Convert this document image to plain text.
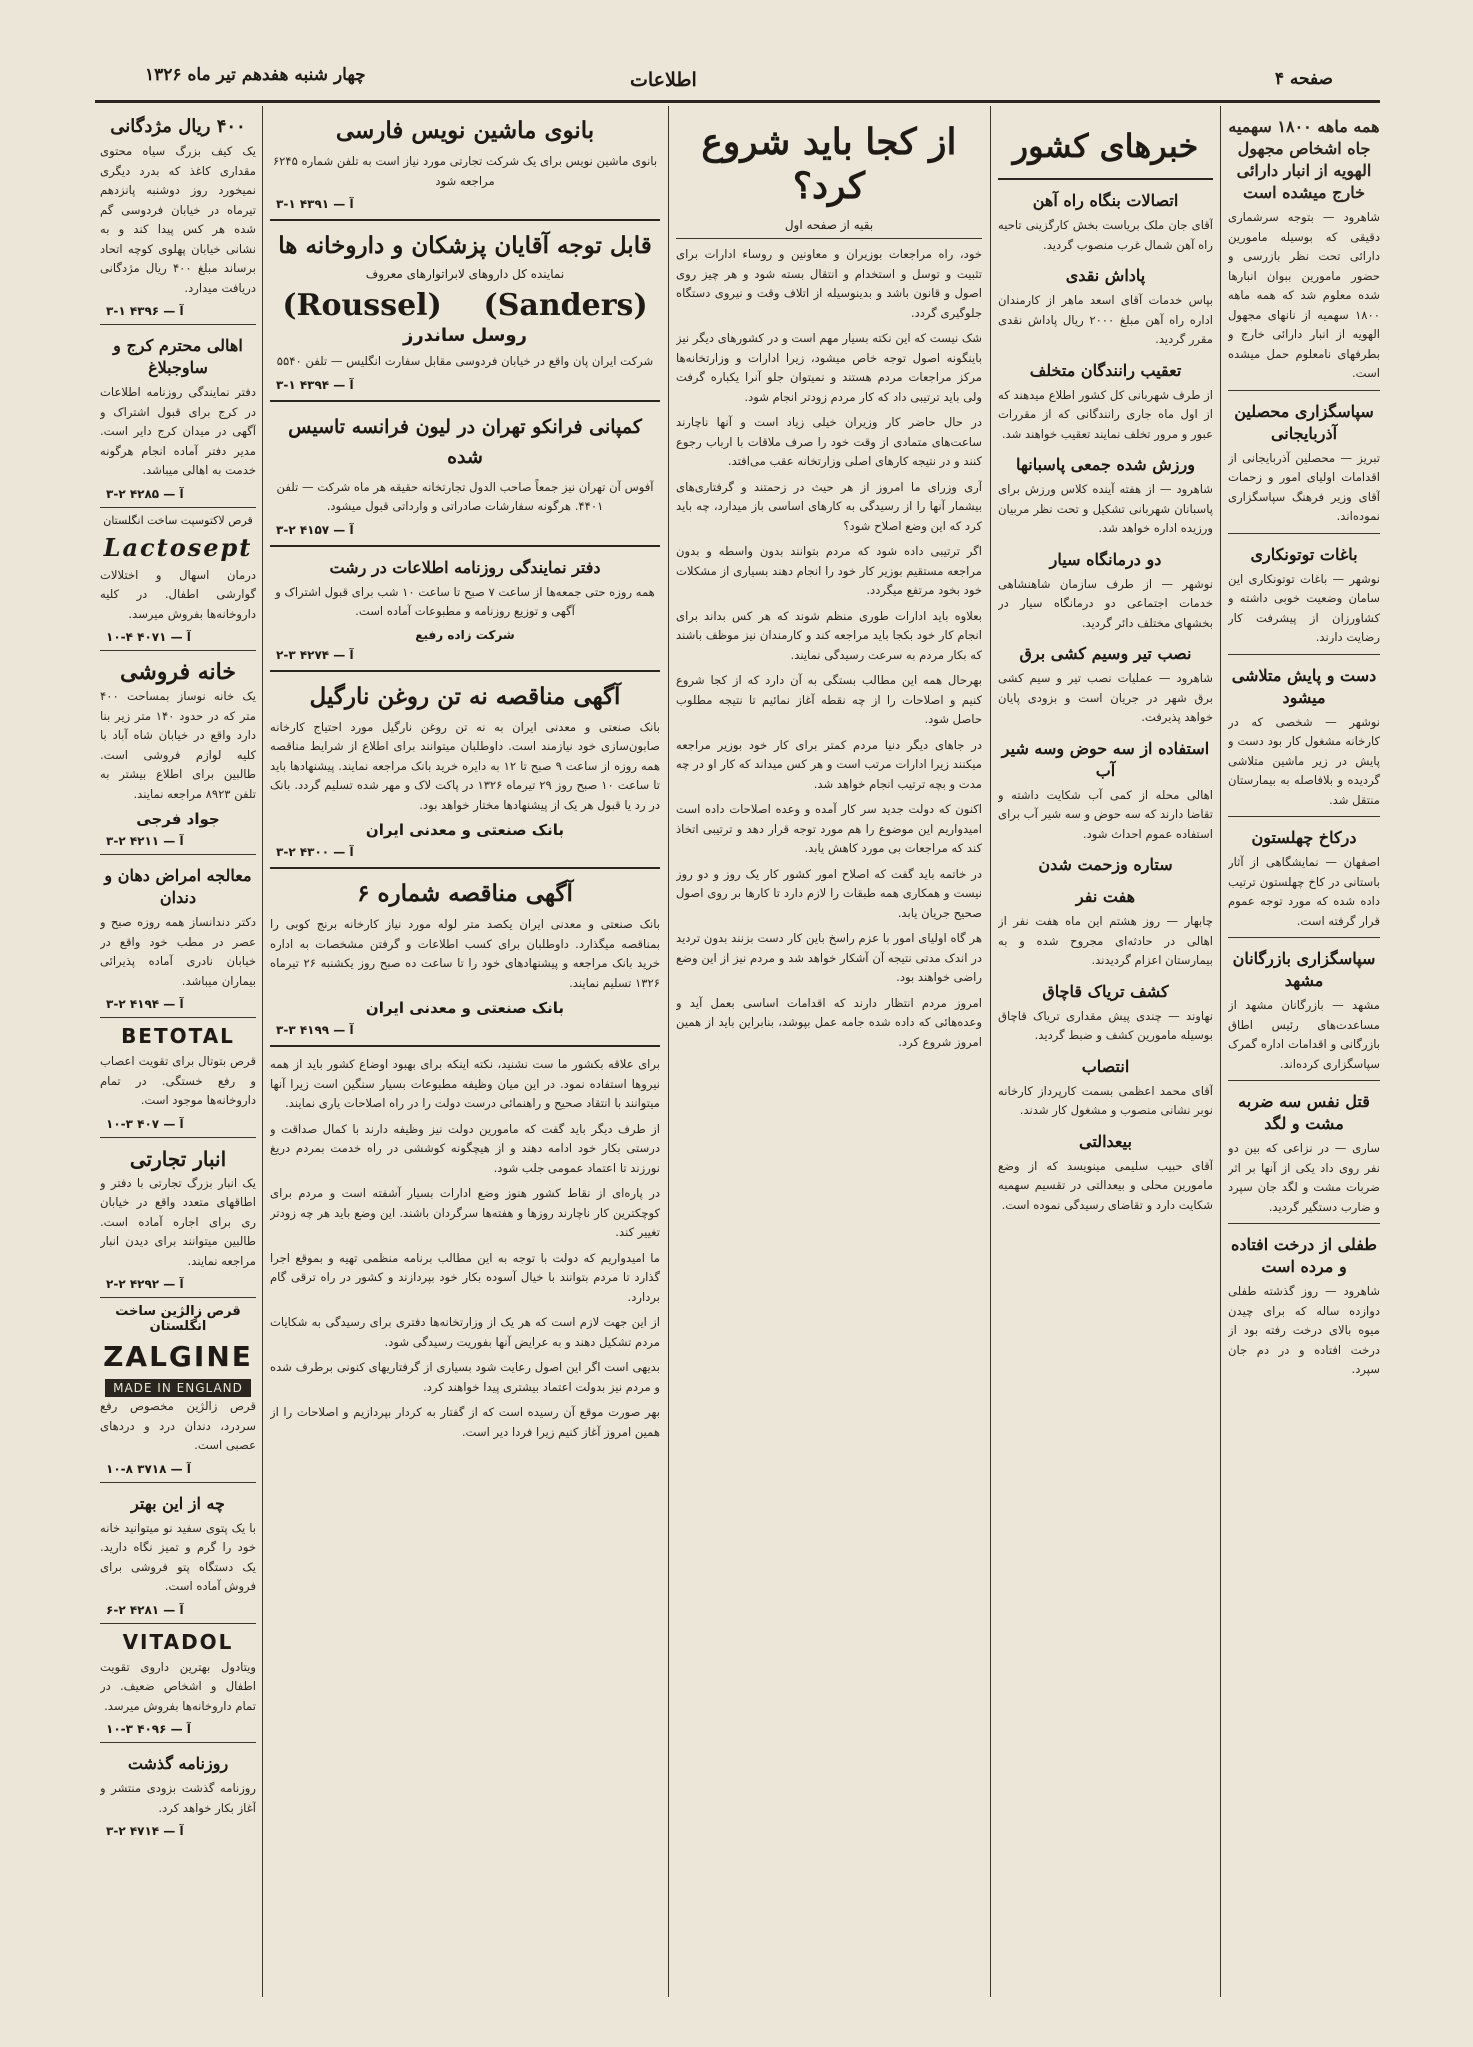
صفحه ۴
اطلاعات
چهار شنبه هفدهم تیر ماه ۱۳۲۶
همه ماهه ۱۸۰۰ سهمیه جاه اشخاص مجهول الهویه از انبار دارائی خارج میشده است

شاهرود — بتوجه سرشماری دقیقی که بوسیله مامورین دارائی تحت نظر بازرسی و حضور مامورین ببوان انبارها شده معلوم شد که همه ماهه ۱۸۰۰ سهمیه از نانهای مجهول الهویه از انبار دارائی خارج و بطرفهای نامعلوم حمل میشده است.

سپاسگزاری محصلین آذربایجانی

تبریز — محصلین آذربایجانی از اقدامات اولیای امور و زحمات آقای وزیر فرهنگ سپاسگزاری نموده‌اند.

باغات توتونکاری

نوشهر — باغات توتونکاری این سامان وضعیت خوبی داشته و کشاورزان از پیشرفت کار رضایت دارند.

دست و پایش متلاشی میشود

نوشهر — شخصی که در کارخانه مشغول کار بود دست و پایش در زیر ماشین متلاشی گردیده و بلافاصله به بیمارستان منتقل شد.

درکاخ چهلستون

اصفهان — نمایشگاهی از آثار باستانی در کاخ چهلستون ترتیب داده شده که مورد توجه عموم قرار گرفته است.

سپاسگزاری بازرگانان مشهد

مشهد — بازرگانان مشهد از مساعدت‌های رئیس اطاق بازرگانی و اقدامات اداره گمرک سپاسگزاری کرده‌اند.

قتل نفس سه ضربه مشت و لگد

ساری — در نزاعی که بین دو نفر روی داد یکی از آنها بر اثر ضربات مشت و لگد جان سپرد و ضارب دستگیر گردید.

طفلی از درخت افتاده و مرده است

شاهرود — روز گذشته طفلی دوازده ساله که برای چیدن میوه بالای درخت رفته بود از درخت افتاده و در دم جان سپرد.

خبرهای کشور
اتصالات بنگاه راه آهن

آقای جان ملک بریاست بخش کارگزینی تاحیه راه آهن شمال غرب منصوب گردید.

پاداش نقدی

بپاس خدمات آقای اسعد ماهر از کارمندان اداره راه آهن مبلغ ۲۰۰۰ ریال پاداش نقدی مقرر گردید.

تعقیب رانندگان متخلف

از طرف شهربانی کل کشور اطلاع میدهند که از اول ماه جاری رانندگانی که از مقررات عبور و مرور تخلف نمایند تعقیب خواهند شد.

ورزش شده جمعی پاسبانها

شاهرود — از هفته آینده کلاس ورزش برای پاسبانان شهربانی تشکیل و تحت نظر مربیان ورزیده اداره خواهد شد.

دو درمانگاه سیار

نوشهر — از طرف سازمان شاهنشاهی خدمات اجتماعی دو درمانگاه سیار در بخشهای مختلف دائر گردید.

نصب تیر وسیم کشی برق

شاهرود — عملیات نصب تیر و سیم کشی برق شهر در جریان است و بزودی پایان خواهد پذیرفت.

استفاده از سه حوض وسه شیر آب

اهالی محله از کمی آب شکایت داشته و تقاضا دارند که سه حوض و سه شیر آب برای استفاده عموم احداث شود.

ستاره وزحمت شدن
هفت نفر

چابهار — روز هشتم این ماه هفت نفر از اهالی در حادثه‌ای مجروح شده و به بیمارستان اعزام گردیدند.

کشف تریاک قاچاق

نهاوند — چندی پیش مقداری تریاک قاچاق بوسیله مامورین کشف و ضبط گردید.

انتصاب

آقای محمد اعظمی بسمت کارپرداز کارخانه نوبر نشانی منصوب و مشغول کار شدند.

بیعدالتی

آقای حبیب سلیمی مینویسد که از وضع مامورین محلی و بیعدالتی در تقسیم سهمیه شکایت دارد و تقاضای رسیدگی نموده است.

از کجا باید شروع کرد؟
بقیه از صفحه اول

خود، راه مراجعات بوزیران و معاونین و روساء ادارات برای تثبیت و توسل و استخدام و انتقال بسته شود و هر چیز روی اصول و قانون باشد و بدینوسیله از اتلاف وقت و نیروی دستگاه جلوگیری گردد.

شک نیست که این نکته بسیار مهم است و در کشورهای دیگر نیز باینگونه اصول توجه خاص میشود، زیرا ادارات و وزارتخانه‌ها مرکز مراجعات مردم هستند و نمیتوان جلو آنرا یکباره گرفت ولی باید ترتیبی داد که کار مردم زودتر انجام شود.

در حال حاضر کار وزیران خیلی زیاد است و آنها ناچارند ساعت‌های متمادی از وقت خود را صرف ملاقات با ارباب رجوع کنند و در نتیجه کارهای اصلی وزارتخانه عقب می‌افتد.

آری وزرای ما امروز از هر حیث در زحمتند و گرفتاری‌های بیشمار آنها را از رسیدگی به کارهای اساسی باز میدارد، چه باید کرد که این وضع اصلاح شود؟

اگر ترتیبی داده شود که مردم بتوانند بدون واسطه و بدون مراجعه مستقیم بوزیر کار خود را انجام دهند بسیاری از مشکلات خود بخود مرتفع میگردد.

بعلاوه باید ادارات طوری منظم شوند که هر کس بداند برای انجام کار خود بکجا باید مراجعه کند و کارمندان نیز موظف باشند که بکار مردم به سرعت رسیدگی نمایند.

بهرحال همه این مطالب بستگی به آن دارد که از کجا شروع کنیم و اصلاحات را از چه نقطه آغاز نمائیم تا نتیجه مطلوب حاصل شود.

در جاهای دیگر دنیا مردم کمتر برای کار خود بوزیر مراجعه میکنند زیرا ادارات مرتب است و هر کس میداند که کار او در چه مدت و بچه ترتیب انجام خواهد شد.

اکنون که دولت جدید سر کار آمده و وعده اصلاحات داده است امیدواریم این موضوع را هم مورد توجه قرار دهد و ترتیبی اتخاذ کند که مراجعات بی مورد کاهش یابد.

در خاتمه باید گفت که اصلاح امور کشور کار یک روز و دو روز نیست و همکاری همه طبقات را لازم دارد تا کارها بر روی اصول صحیح جریان یابد.

هر گاه اولیای امور با عزم راسخ باین کار دست بزنند بدون تردید در اندک مدتی نتیجه آن آشکار خواهد شد و مردم نیز از این وضع راضی خواهند بود.

امروز مردم انتظار دارند که اقدامات اساسی بعمل آید و وعده‌هائی که داده شده جامه عمل بپوشد، بنابراین باید از همین امروز شروع کرد.

بانوی ماشین نویس فارسی

بانوی ماشین نویس برای یک شرکت تجارتی مورد نیاز است به تلفن شماره ۶۲۴۵ مراجعه شود

آ — ۴۳۹۱ ۱-۳
قابل توجه آقایان پزشکان و داروخانه ها
نماینده کل داروهای لابراتوارهای معروف
(Roussel) (Sanders)
روسل ساندرز

شرکت ایران پان واقع در خیابان فردوسی مقابل سفارت انگلیس — تلفن ۵۵۴۰

آ — ۴۳۹۴ ۱-۳
کمپانی فرانکو تهران در لیون فرانسه تاسیس شده

آفوس آن تهران نیز جمعاً صاحب الدول تجارتخانه حقیقه هر ماه شرکت — تلفن ۴۴۰۱. هرگونه سفارشات صادراتی و وارداتی قبول میشود.

آ — ۴۱۵۷ ۲-۳
دفتر نمایندگی روزنامه اطلاعات در رشت

همه روزه حتی جمعه‌ها از ساعت ۷ صبح تا ساعت ۱۰ شب برای قبول اشتراک و آگهی و توزیع روزنامه و مطبوعات آماده است.

شرکت زاده رفیع
آ — ۴۲۷۴ ۳-۲
آگهی مناقصه نه تن روغن نارگیل

بانک صنعتی و معدنی ایران به نه تن روغن نارگیل مورد احتیاج کارخانه صابون‌سازی خود نیازمند است. داوطلبان میتوانند برای اطلاع از شرایط مناقصه همه روزه از ساعت ۹ صبح تا ۱۲ به دایره خرید بانک مراجعه نمایند. پیشنهادها باید تا ساعت ۱۰ صبح روز ۲۹ تیرماه ۱۳۲۶ در پاکت لاک و مهر شده تسلیم گردد. بانک در رد یا قبول هر یک از پیشنهادها مختار خواهد بود.

بانک صنعتی و معدنی ایران
آ — ۴۳۰۰ ۲-۳
آگهی مناقصه شماره ۶

بانک صنعتی و معدنی ایران یکصد متر لوله مورد نیاز کارخانه برنج کوبی را بمناقصه میگذارد. داوطلبان برای کسب اطلاعات و گرفتن مشخصات به اداره خرید بانک مراجعه و پیشنهادهای خود را تا ساعت ده صبح روز یکشنبه ۲۶ تیرماه ۱۳۲۶ تسلیم نمایند.

بانک صنعتی و معدنی ایران
آ — ۴۱۹۹ ۳-۳

برای علاقه بکشور ما ست نشنید، نکته اینکه برای بهبود اوضاع کشور باید از همه نیروها استفاده نمود. در این میان وظیفه مطبوعات بسیار سنگین است زیرا آنها میتوانند با انتقاد صحیح و راهنمائی درست دولت را در راه اصلاحات یاری نمایند.

از طرف دیگر باید گفت که مامورین دولت نیز وظیفه دارند با کمال صداقت و درستی بکار خود ادامه دهند و از هیچگونه کوششی در راه خدمت بمردم دریغ نورزند تا اعتماد عمومی جلب شود.

در پاره‌ای از نقاط کشور هنوز وضع ادارات بسیار آشفته است و مردم برای کوچکترین کار ناچارند روزها و هفته‌ها سرگردان باشند. این وضع باید هر چه زودتر تغییر کند.

ما امیدواریم که دولت با توجه به این مطالب برنامه منظمی تهیه و بموقع اجرا گذارد تا مردم بتوانند با خیال آسوده بکار خود بپردازند و کشور در راه ترقی گام بردارد.

از این جهت لازم است که هر یک از وزارتخانه‌ها دفتری برای رسیدگی به شکایات مردم تشکیل دهند و به عرایض آنها بفوریت رسیدگی شود.

بدیهی است اگر این اصول رعایت شود بسیاری از گرفتاریهای کنونی برطرف شده و مردم نیز بدولت اعتماد بیشتری پیدا خواهند کرد.

بهر صورت موقع آن رسیده است که از گفتار به کردار بپردازیم و اصلاحات را از همین امروز آغاز کنیم زیرا فردا دیر است.

۴۰۰ ریال مژدگانی

یک کیف بزرگ سیاه محتوی مقداری کاغذ که بدرد دیگری نمیخورد روز دوشنبه پانزدهم تیرماه در خیابان فردوسی گم شده هر کس پیدا کند و به نشانی خیابان پهلوی کوچه اتحاد برساند مبلغ ۴۰۰ ریال مژدگانی دریافت میدارد.

آ — ۴۳۹۶ ۱-۳
اهالی محترم کرج و ساوجبلاغ

دفتر نمایندگی روزنامه اطلاعات در کرج برای قبول اشتراک و آگهی در میدان کرج دایر است. مدیر دفتر آماده انجام هرگونه خدمت به اهالی میباشد.

آ — ۴۲۸۵ ۲-۳
قرص لاکتوسپت ساخت انگلستان
Lactosept

درمان اسهال و اختلالات گوارشی اطفال. در کلیه داروخانه‌ها بفروش میرسد.

آ — ۴۰۷۱ ۴-۱۰
خانه فروشی

یک خانه نوساز بمساحت ۴۰۰ متر که در حدود ۱۴۰ متر زیر بنا دارد واقع در خیابان شاه آباد با کلیه لوازم فروشی است. طالبین برای اطلاع بیشتر به تلفن ۸۹۲۳ مراجعه نمایند.

جواد فرجی
آ — ۴۲۱۱ ۲-۳
معالجه امراض دهان و دندان

دکتر دندانساز همه روزه صبح و عصر در مطب خود واقع در خیابان نادری آماده پذیرائی بیماران میباشد.

آ — ۴۱۹۴ ۲-۳
BETOTAL

قرص بتوتال برای تقویت اعصاب و رفع خستگی. در تمام داروخانه‌ها موجود است.

آ — ۴۰۷ ۳-۱۰
انبار تجارتی

یک انبار بزرگ تجارتی با دفتر و اطاقهای متعدد واقع در خیابان ری برای اجاره آماده است. طالبین میتوانند برای دیدن انبار مراجعه نمایند.

آ — ۴۲۹۲ ۲-۲
قرص زالژین ساخت انگلستان
ZALGINE
MADE IN ENGLAND

قرص زالژین مخصوص رفع سردرد، دندان درد و دردهای عصبی است.

آ — ۳۷۱۸ ۸-۱۰
چه از این بهتر

با یک پتوی سفید نو میتوانید خانه خود را گرم و تمیز نگاه دارید. یک دستگاه پتو فروشی برای فروش آماده است.

آ — ۴۲۸۱ ۲-۶
VITADOL

ویتادول بهترین داروی تقویت اطفال و اشخاص ضعیف. در تمام داروخانه‌ها بفروش میرسد.

آ — ۴۰۹۶ ۳-۱۰
روزنامه گذشت

روزنامه گذشت بزودی منتشر و آغاز بکار خواهد کرد.

آ — ۴۷۱۴ ۲-۳
